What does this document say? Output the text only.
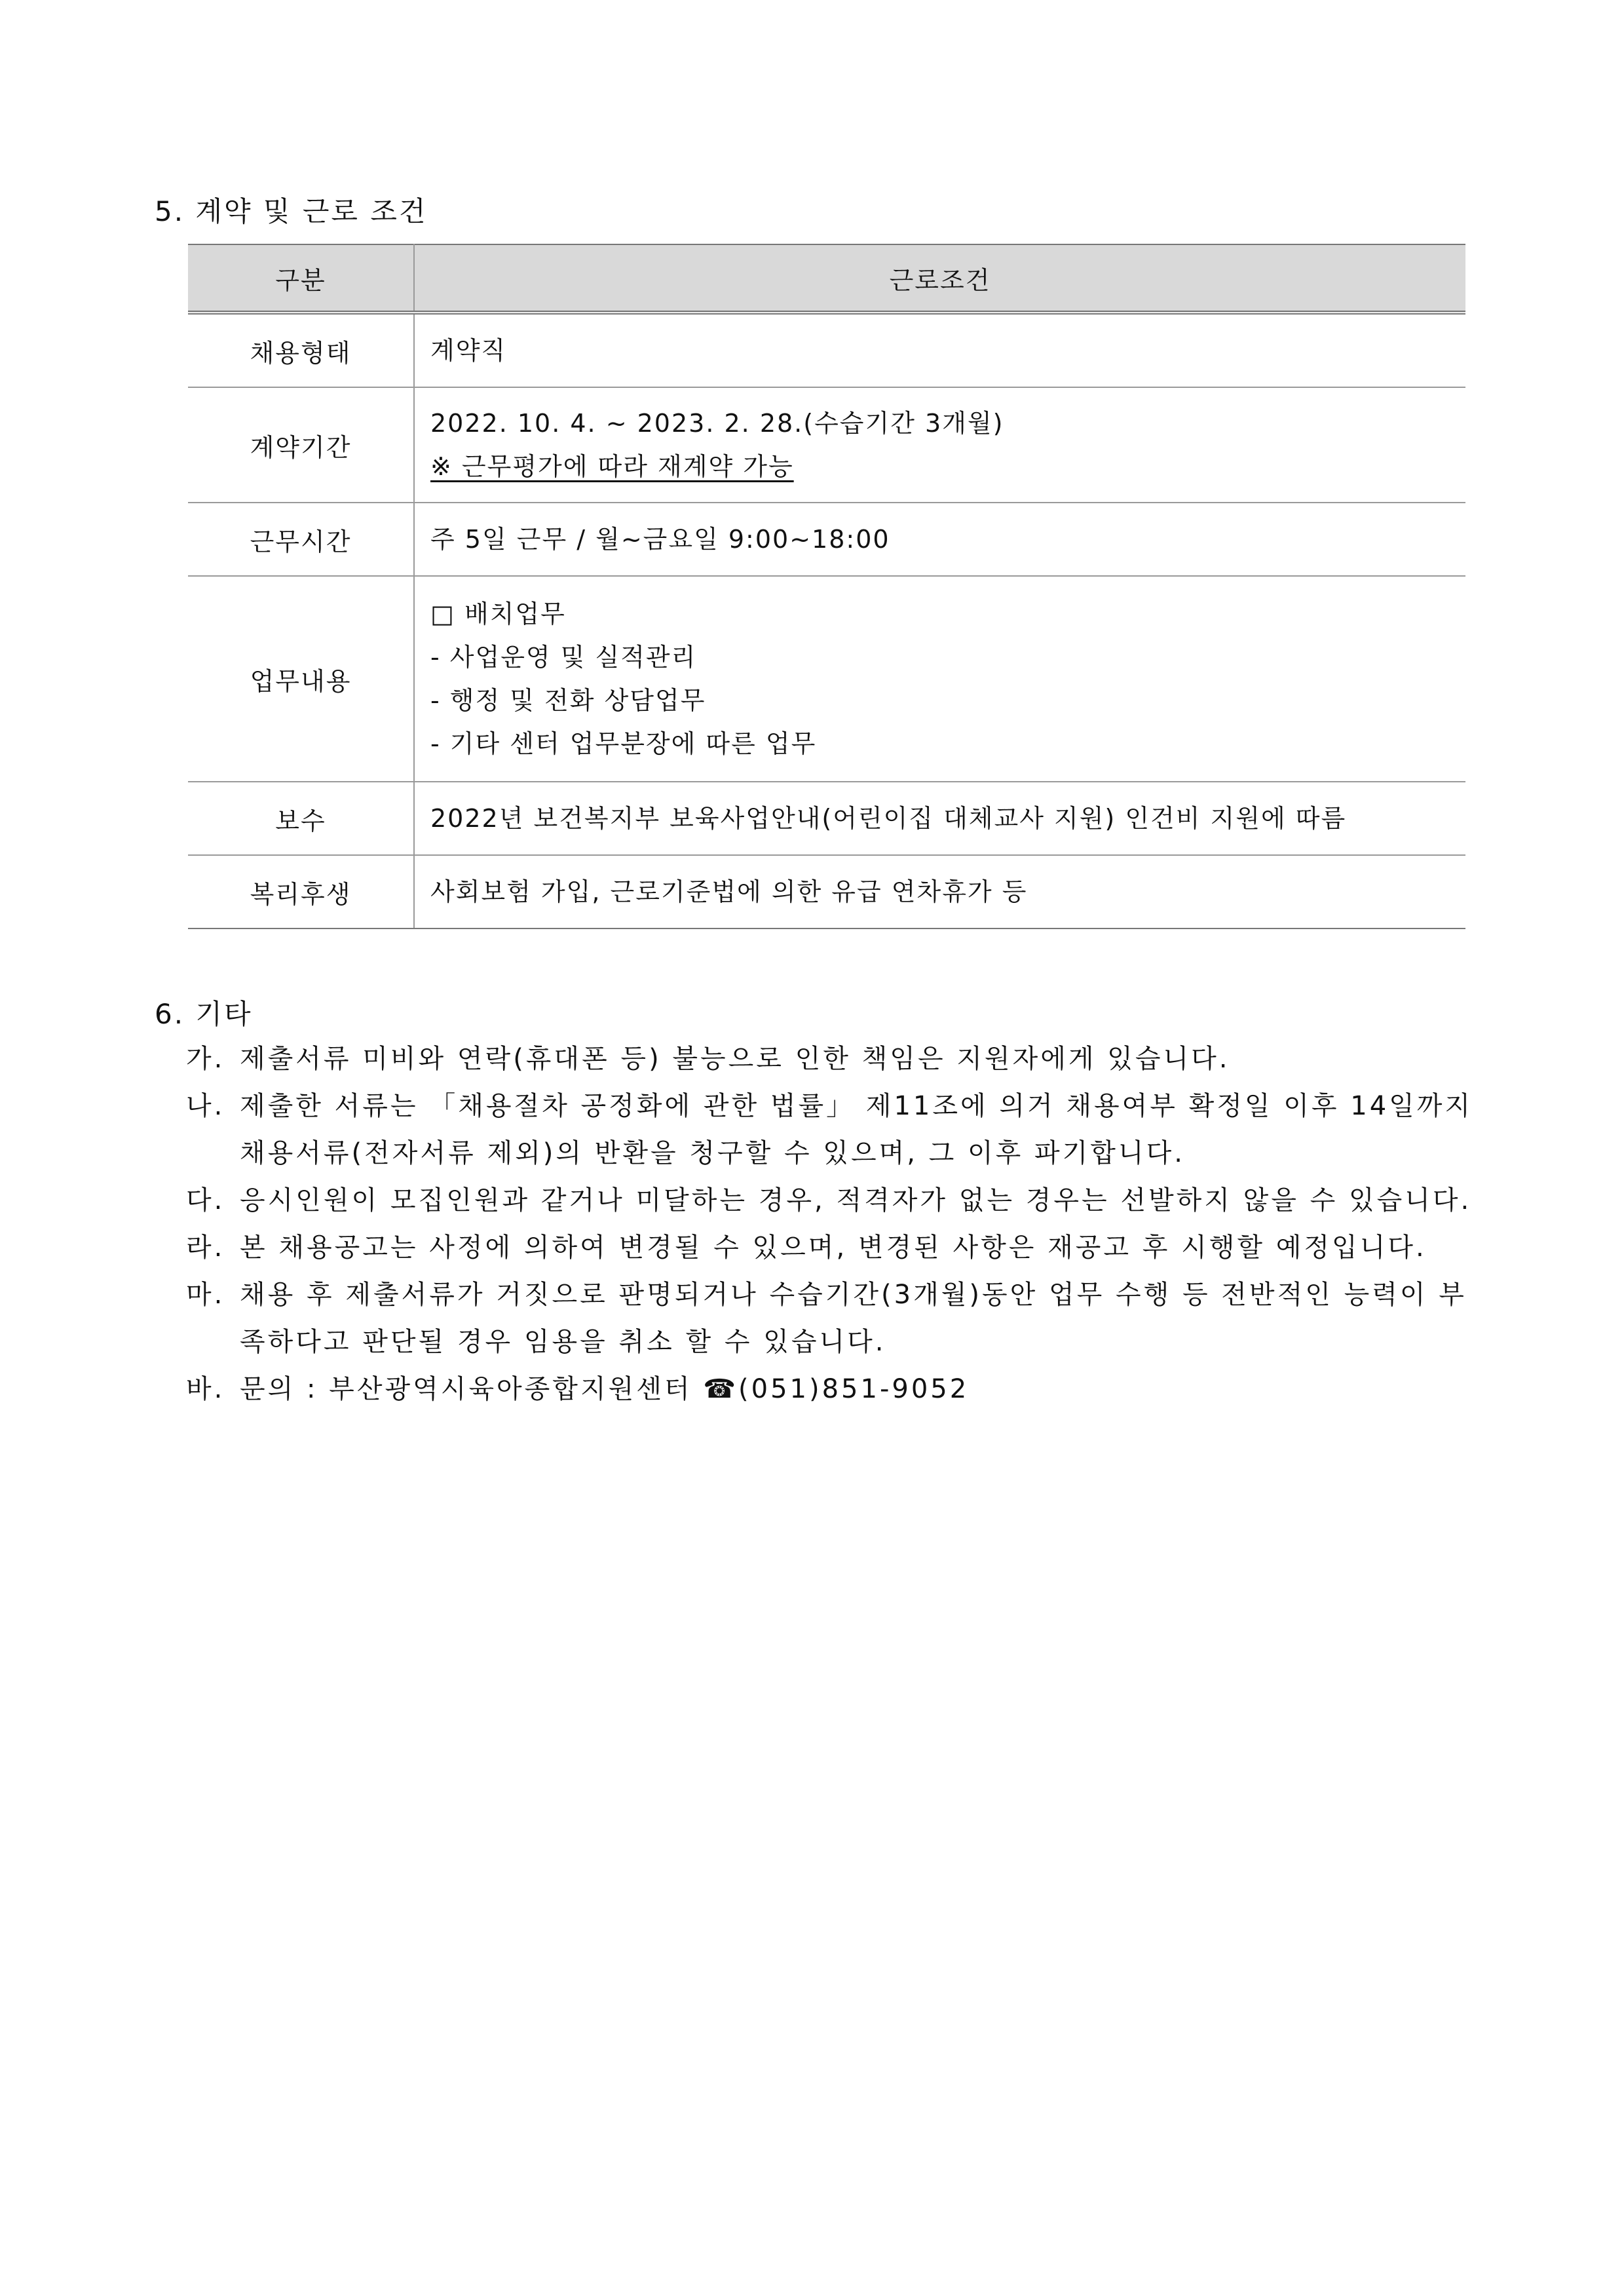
5. 계약 및 근로 조건
구분	근로조건
채용형태	계약직

계약기간	2022. 10. 4. ~ 2023. 2. 28.(수습기간 3개월)
※ 근무평가에 따라 재계약 가능

근무시간	주 5일 근무 / 월~금요일 9:00~18:00

업무내용	□ 배치업무
- 사업운영 및 실적관리
- 행정 및 전화 상담업무
- 기타 센터 업무분장에 따른 업무

보수	2022년 보건복지부 보육사업안내(어린이집 대체교사 지원) 인건비 지원에 따름

복리후생	사회보험 가입, 근로기준법에 의한 유급 연차휴가 등
6. 기타
가. 제출서류 미비와 연락(휴대폰 등) 불능으로 인한 책임은 지원자에게 있습니다.
나. 제출한 서류는 「채용절차 공정화에 관한 법률」 제11조에 의거 채용여부 확정일 이후 14일까지 채용서류(전자서류 제외)의 반환을 청구할 수 있으며, 그 이후 파기합니다.
다. 응시인원이 모집인원과 같거나 미달하는 경우, 적격자가 없는 경우는 선발하지 않을 수 있습니다.
라. 본 채용공고는 사정에 의하여 변경될 수 있으며, 변경된 사항은 재공고 후 시행할 예정입니다.
마. 채용 후 제출서류가 거짓으로 판명되거나 수습기간(3개월)동안 업무 수행 등 전반적인 능력이 부족하다고 판단될 경우 임용을 취소 할 수 있습니다.
바. 문의 : 부산광역시육아종합지원센터 ☎(051)851-9052
